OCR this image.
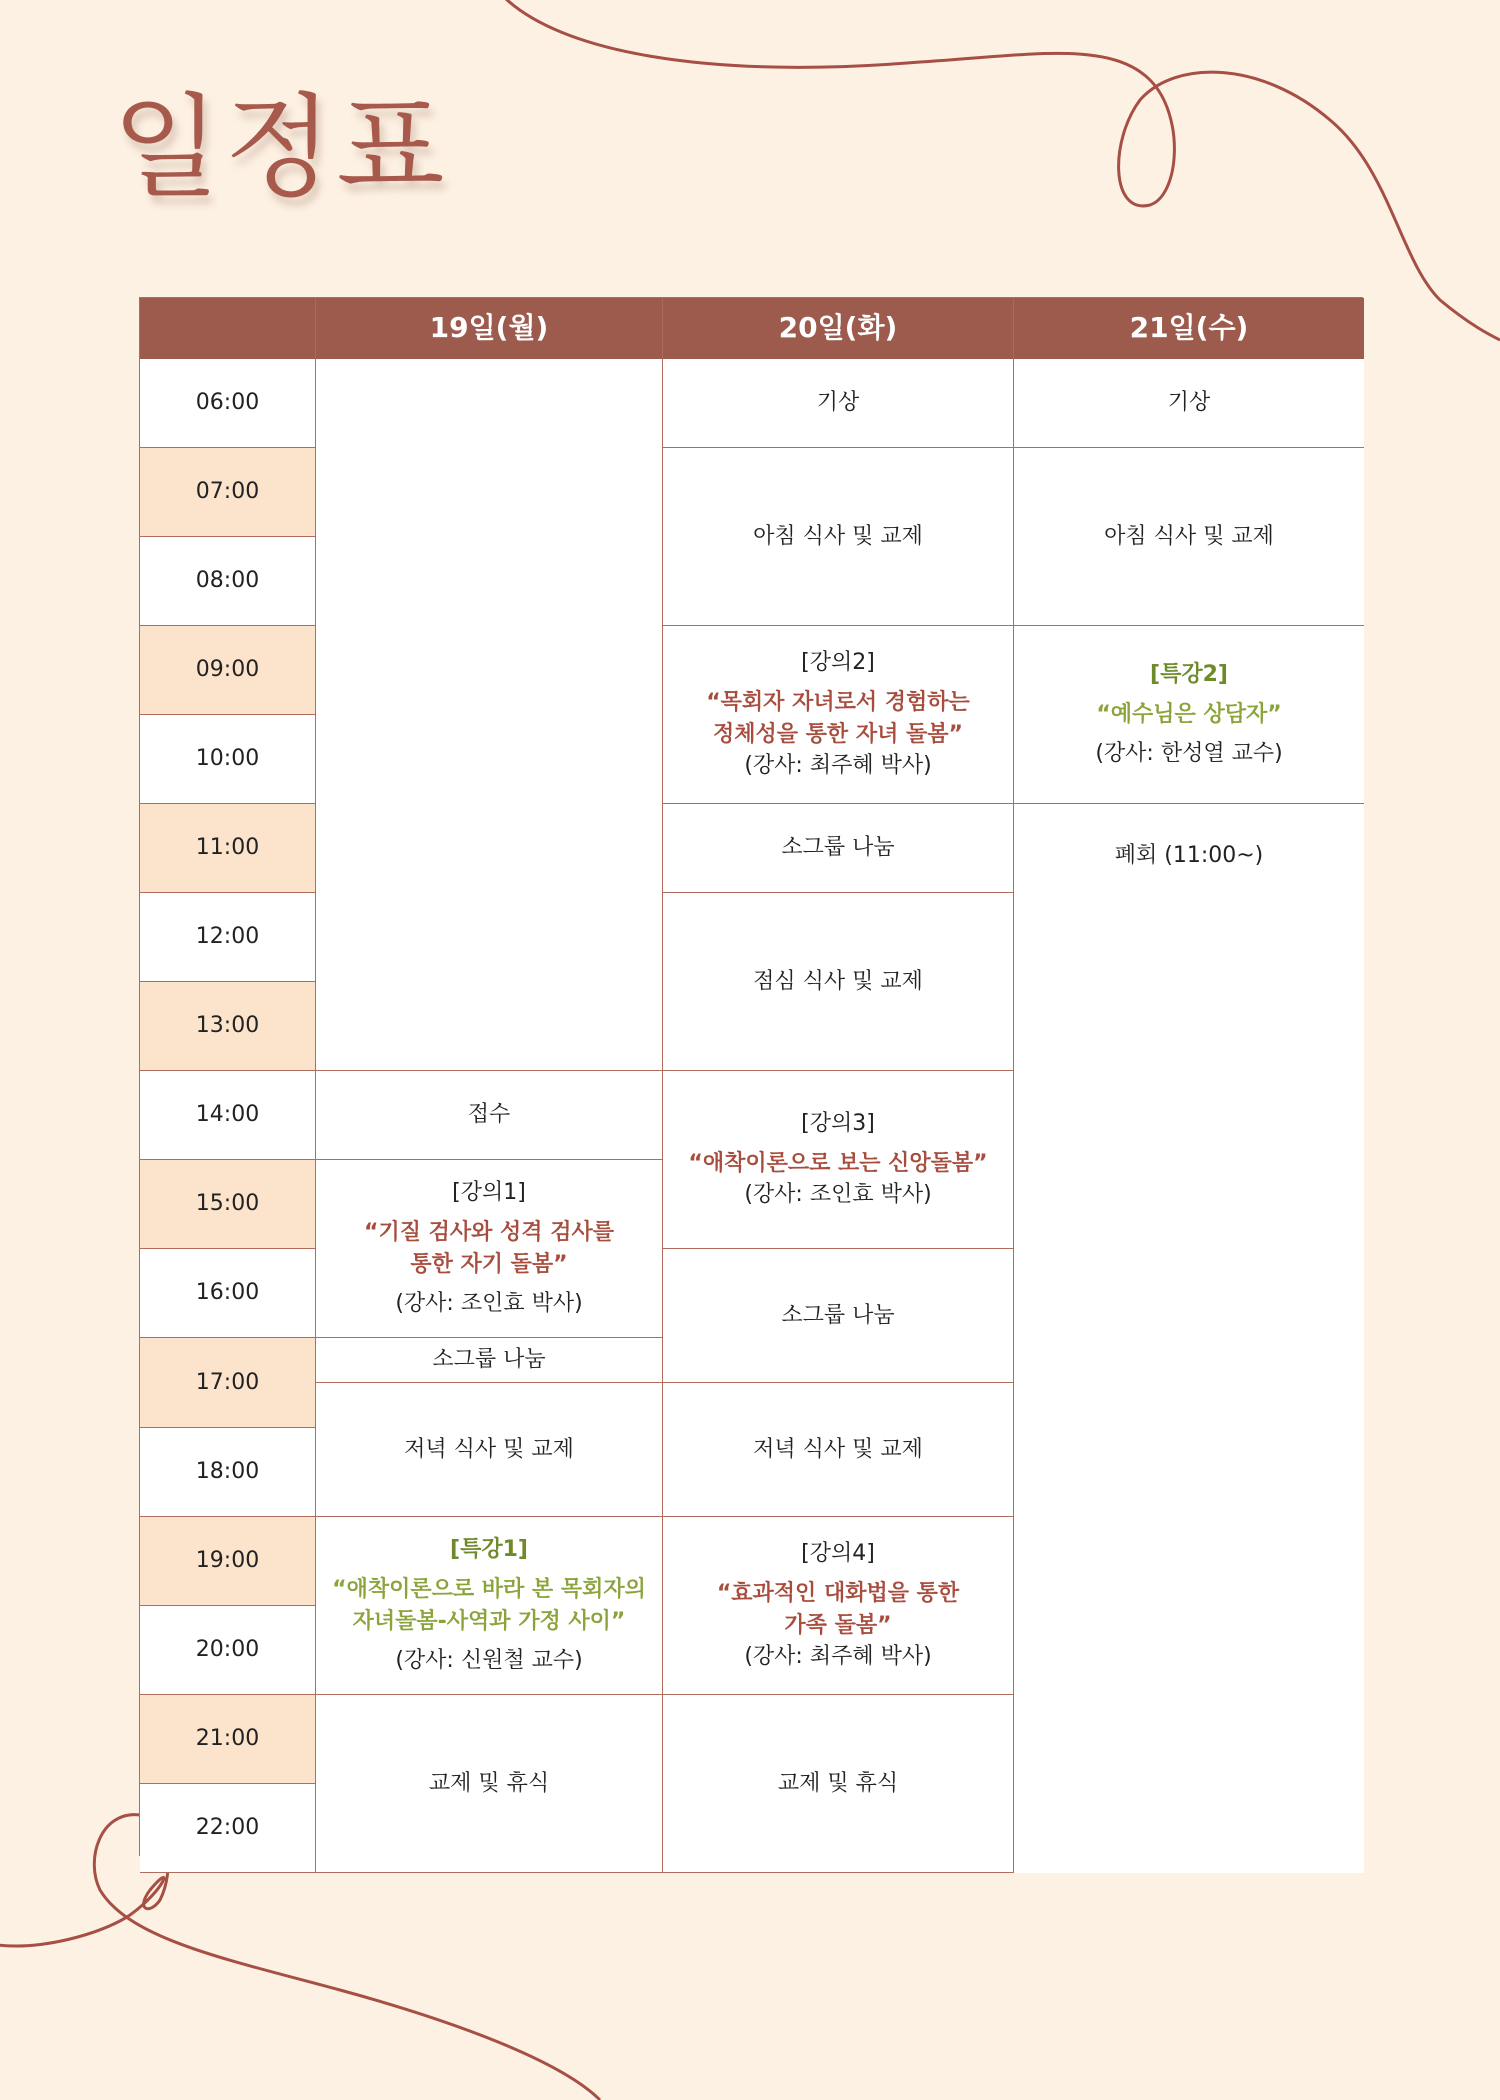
일정표
19일(월)	20일(화)	21일(수)
06:00
07:00
08:00
09:00
10:00
11:00
12:00
13:00
14:00
15:00
16:00
17:00
18:00
19:00
20:00
21:00
22:00
접수
[강의1]
“기질 검사와 성격 검사를
통한 자기 돌봄”
(강사: 조인효 박사)
소그룹 나눔
저녁 식사 및 교제
[특강1]
“애착이론으로 바라 본 목회자의
자녀돌봄-사역과 가정 사이”
(강사: 신원철 교수)
교제 및 휴식
기상
아침 식사 및 교제
[강의2]
“목회자 자녀로서 경험하는
정체성을 통한 자녀 돌봄”
(강사: 최주혜 박사)
소그룹 나눔
점심 식사 및 교제
[강의3]
“애착이론으로 보는 신앙돌봄”
(강사: 조인효 박사)
소그룹 나눔
저녁 식사 및 교제
[강의4]
“효과적인 대화법을 통한
가족 돌봄”
(강사: 최주혜 박사)
교제 및 휴식
기상
아침 식사 및 교제
[특강2]
“예수님은 상담자”
(강사: 한성열 교수)
폐회 (11:00~)
